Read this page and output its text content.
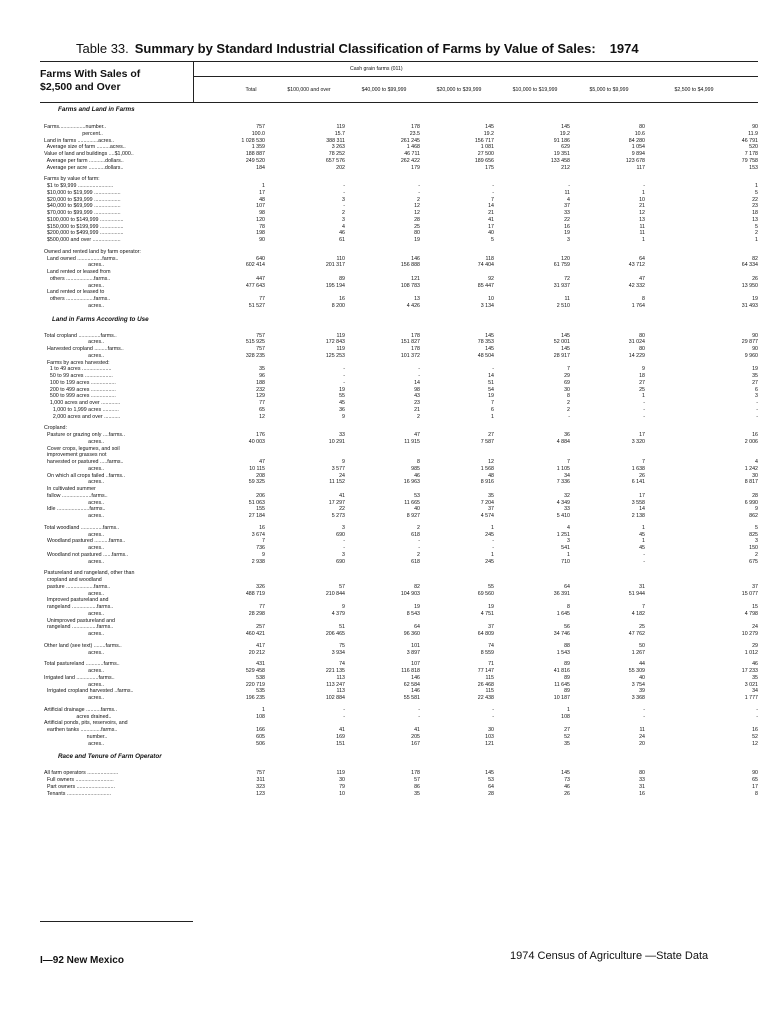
Table 33. Summary by Standard Industrial Classification of Farms by Value of Sales: 1974
Farms With Sales of
$2,500 and Over
Cash grain farms (011)
Total	$100,000 and over	$40,000 to $99,999	$20,000 to $39,999	$10,000 to $19,999	$5,000 to $9,999	$2,500 to $4,999
Farms and Land in Farms
Farms..................number..	757	119	178	145	145	80	90
percent..	100.0	15.7	23.5	19.2	19.2	10.6	11.9
Land in farms ..............acres..	1 028 530	388 311	261 245	156 717	91 186	84 280	46 791
Average size of farm .........acres..	1 359	3 263	1 468	1 081	629	1 054	520
Value of land and buildings ....$1,000..	188 887	78 252	46 711	27 500	19 351	9 894	7 178
Average per farm ...........dollars..	249 520	657 576	262 422	189 656	133 458	123 678	79 758
Average per acre ...........dollars..	184	202	179	175	212	117	153
Farms by value of farm:
$1 to $9,999 ........................	1	-	-	-	-	-	1
$10,000 to $19,999 ..................	17	-	-	-	11	1	5
$20,000 to $39,999 ..................	48	3	2	7	4	10	22
$40,000 to $69,999 ..................	107	-	12	14	37	21	23
$70,000 to $99,999 ..................	98	2	12	21	33	12	18
$100,000 to $149,999 ................	120	3	28	41	22	13	13
$150,000 to $199,999 ................	78	4	25	17	16	11	5
$200,000 to $499,999 ................	198	46	80	40	19	11	2
$500,000 and over ...................	90	61	19	5	3	1	1
Owned and rented land by farm operator:
Land owned .................farms..	640	110	146	118	120	64	82
acres..	602 414	201 317	156 888	74 404	61 759	43 712	64 334
Land rented or leased from
others ...................farms..	447	89	121	92	72	47	26
acres..	477 643	195 194	108 783	85 447	31 937	42 332	13 950
Land rented or leased to
others ...................farms..	77	16	13	10	11	8	19
acres..	51 527	8 200	4 426	3 134	2 510	1 764	31 493
Land in Farms According to Use
Total cropland ...............farms..	757	119	178	145	145	80	90
acres..	515 925	172 843	151 827	78 353	52 001	31 024	29 877
Harvested cropland .........farms..	757	119	178	145	145	80	90
acres..	328 235	125 253	101 372	48 504	28 917	14 229	9 960
Farms by acres harvested:
1 to 49 acres ....................	35	-	-	-	7	9	19
50 to 99 acres ...................	96	-	-	14	29	18	35
100 to 199 acres .................	188	-	14	51	69	27	27
200 to 499 acres .................	232	19	98	54	30	25	6
500 to 999 acres .................	129	55	43	19	8	1	3
1,000 acres and over .............	77	45	23	7	2	-	-
1,000 to 1,999 acres ...........	65	36	21	6	2	-	-
2,000 acres and over ...........	12	9	2	1	-	-	-
Cropland:
Pasture or grazing only ....farms..	176	33	47	27	36	17	16
acres..	40 003	10 291	11 915	7 587	4 884	3 320	2 006
Cover crops, legumes, and soil
improvement grasses not
harvested or pastured .....farms..	47	9	8	12	7	7	4
acres..	10 115	3 577	985	1 568	1 105	1 638	1 242
On which all crops failed ..farms..	208	24	46	48	34	26	30
acres..	59 325	11 152	16 963	8 916	7 336	6 141	8 817
In cultivated summer
fallow ....................farms..	206	41	53	35	32	17	28
acres..	51 063	17 297	11 665	7 204	4 349	3 558	6 990
Idle ......................farms..	155	22	40	37	33	14	9
acres..	27 184	5 273	8 927	4 574	5 410	2 138	862
Total woodland ...............farms..	16	3	2	1	4	1	5
acres..	3 674	690	618	245	1 251	45	825
Woodland pastured ..........farms..	7	-	-	-	3	1	3
acres..	736	-	-	-	541	45	150
Woodland not pastured ......farms..	9	3	2	1	1	-	2
acres..	2 938	690	618	245	710	-	675
Pastureland and rangeland, other than
cropland and woodland
pasture ...................farms..	326	57	82	55	64	31	37
acres..	488 719	210 844	104 903	69 560	36 391	51 944	15 077
Improved pastureland and
rangeland .................farms..	77	9	19	19	8	7	15
acres..	28 298	4 379	8 543	4 751	1 645	4 182	4 798
Unimproved pastureland and
rangeland .................farms..	257	51	64	37	56	25	24
acres..	460 421	206 465	96 360	64 809	34 746	47 762	10 279
Other land (see text) ........farms..	417	75	101	74	88	50	29
acres..	20 212	3 934	3 897	8 559	1 543	1 267	1 012
Total pastureland ............farms..	431	74	107	71	89	44	46
acres..	529 458	221 135	116 818	77 147	41 816	55 309	17 233
Irrigated land ...............farms..	538	113	146	115	89	40	35
acres..	220 719	113 247	62 584	26 468	11 645	3 754	3 021
Irrigated cropland harvested ..farms..	535	113	146	115	89	39	34
acres..	196 235	102 884	55 581	22 438	10 187	3 368	1 777
Artificial drainage ..........farms..	1	-	-	-	1	-	-
acres drained..	108	-	-	-	108	-	-
Artificial ponds, pits, reservoirs, and
earthen tanks ..............farms..	166	41	41	30	27	11	16
number..	605	169	205	103	52	24	52
acres..	506	151	167	121	35	20	12
Race and Tenure of Farm Operator
All farm operators .....................	757	119	178	145	145	80	90
Full owners ..........................	311	30	57	53	73	33	65
Part owners ..........................	323	79	86	64	46	31	17
Tenants ..............................	123	10	35	28	26	16	8
I—92 New Mexico	1974 Census of Agriculture —State Data
